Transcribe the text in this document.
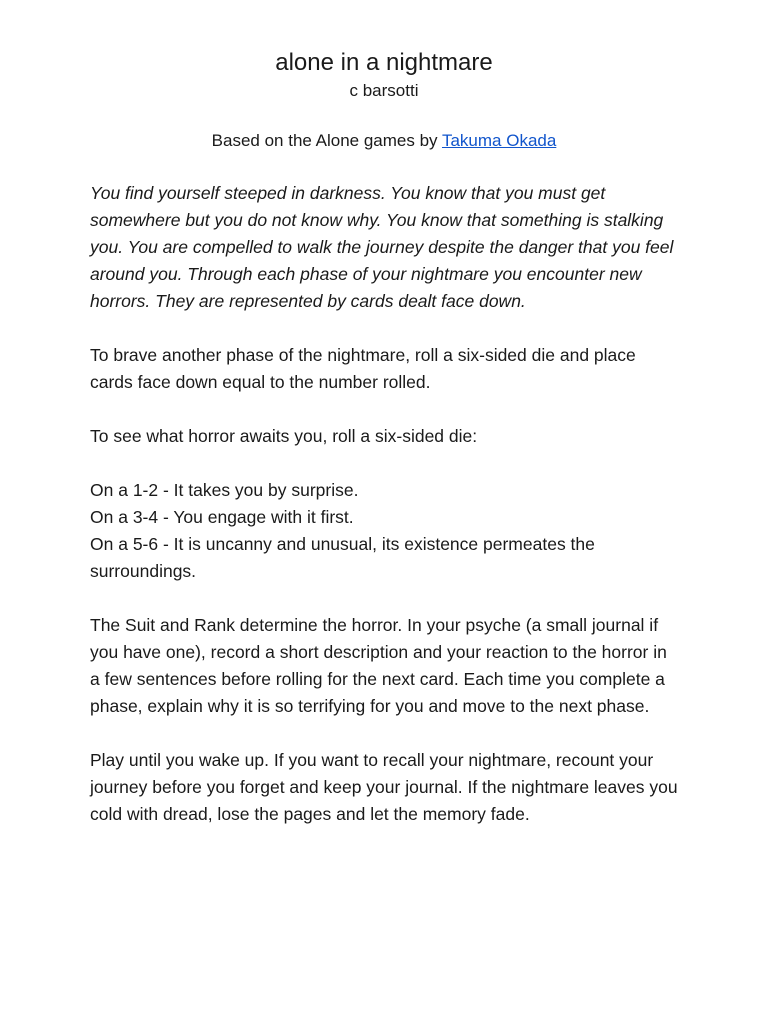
alone in a nightmare
c barsotti
Based on the Alone games by Takuma Okada

You find yourself steeped in darkness. You know that you must get somewhere but you do not know why. You know that something is stalking you. You are compelled to walk the journey despite the danger that you feel around you. Through each phase of your nightmare you encounter new horrors. They are represented by cards dealt face down.

To brave another phase of the nightmare, roll a six-sided die and place cards face down equal to the number rolled.

To see what horror awaits you, roll a six-sided die:

On a 1-2 - It takes you by surprise.
On a 3-4 - You engage with it first.
On a 5-6 - It is uncanny and unusual, its existence permeates the surroundings.

The Suit and Rank determine the horror. In your psyche (a small journal if you have one), record a short description and your reaction to the horror in a few sentences before rolling for the next card. Each time you complete a phase, explain why it is so terrifying for you and move to the next phase.

Play until you wake up. If you want to recall your nightmare, recount your journey before you forget and keep your journal. If the nightmare leaves you cold with dread, lose the pages and let the memory fade.
